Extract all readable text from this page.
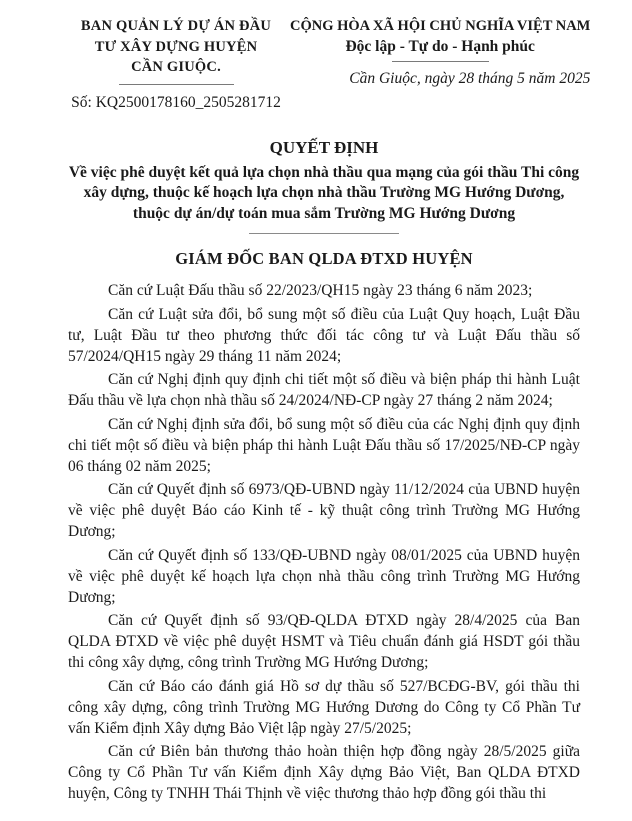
BAN QUẢN LÝ DỰ ÁN ĐẦU
TƯ XÂY DỰNG HUYỆN
CẦN GIUỘC.
Số: KQ2500178160_2505281712
CỘNG HÒA XÃ HỘI CHỦ NGHĨA VIỆT NAM
Độc lập - Tự do - Hạnh phúc
Cần Giuộc, ngày 28 tháng 5 năm 2025
QUYẾT ĐỊNH
Về việc phê duyệt kết quả lựa chọn nhà thầu qua mạng của gói thầu Thi công xây dựng, thuộc kế hoạch lựa chọn nhà thầu Trường MG Hướng Dương, thuộc dự án/dự toán mua sắm Trường MG Hướng Dương
GIÁM ĐỐC BAN QLDA ĐTXD HUYỆN

Căn cứ Luật Đấu thầu số 22/2023/QH15 ngày 23 tháng 6 năm 2023;

Căn cứ Luật sửa đổi, bổ sung một số điều của Luật Quy hoạch, Luật Đầu tư, Luật Đầu tư theo phương thức đối tác công tư và Luật Đấu thầu số 57/2024/QH15 ngày 29 tháng 11 năm 2024;

Căn cứ Nghị định quy định chi tiết một số điều và biện pháp thi hành Luật Đấu thầu về lựa chọn nhà thầu số 24/2024/NĐ-CP ngày 27 tháng 2 năm 2024;

Căn cứ Nghị định sửa đổi, bổ sung một số điều của các Nghị định quy định chi tiết một số điều và biện pháp thi hành Luật Đấu thầu số 17/2025/NĐ-CP ngày 06 tháng 02 năm 2025;

Căn cứ Quyết định số 6973/QĐ-UBND ngày 11/12/2024 của UBND huyện về việc phê duyệt Báo cáo Kinh tế - kỹ thuật công trình Trường MG Hướng Dương;

Căn cứ Quyết định số 133/QĐ-UBND ngày 08/01/2025 của UBND huyện về việc phê duyệt kế hoạch lựa chọn nhà thầu công trình Trường MG Hướng Dương;

Căn cứ Quyết định số 93/QĐ-QLDA ĐTXD ngày 28/4/2025 của Ban QLDA ĐTXD về việc phê duyệt HSMT và Tiêu chuẩn đánh giá HSDT gói thầu thi công xây dựng, công trình Trường MG Hướng Dương;

Căn cứ Báo cáo đánh giá Hồ sơ dự thầu số 527/BCĐG-BV, gói thầu thi công xây dựng, công trình Trường MG Hướng Dương do Công ty Cổ Phần Tư vấn Kiểm định Xây dựng Bảo Việt lập ngày 27/5/2025;

Căn cứ Biên bản thương thảo hoàn thiện hợp đồng ngày 28/5/2025 giữa Công ty Cổ Phần Tư vấn Kiểm định Xây dựng Bảo Việt, Ban QLDA ĐTXD huyện, Công ty TNHH Thái Thịnh về việc thương thảo hợp đồng gói thầu thi
